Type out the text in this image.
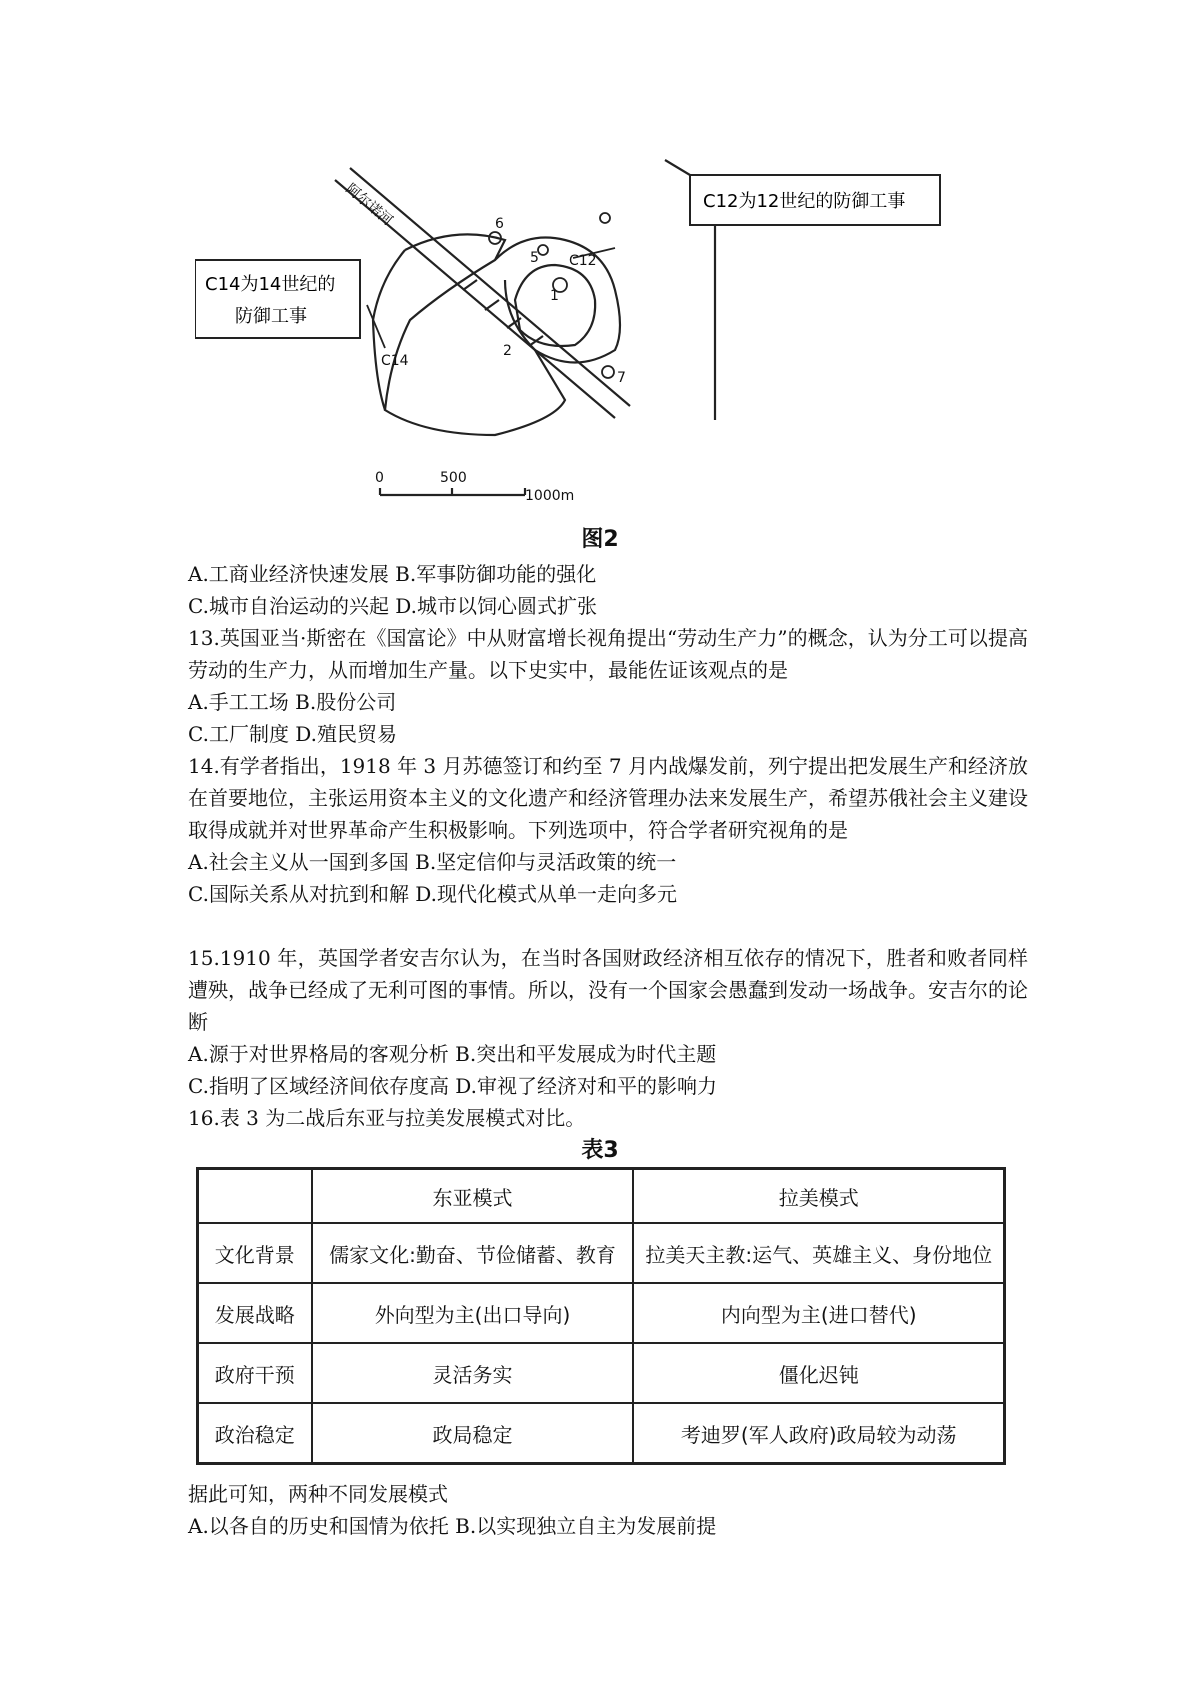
阿尔诺河
C12
C14
1
2
5
6
7
0	500
1000m
C12为12世纪的防御工事
C14为14世纪的
防御工事
图2
A.工商业经济快速发展 B.军事防御功能的强化
C.城市自治运动的兴起 D.城市以饲心圆式扩张
13.英国亚当·斯密在《国富论》中从财富增长视角提出“劳动生产力”的概念，认为分工可以提高劳动的生产力，从而增加生产量。以下史实中，最能佐证该观点的是
A.手工工场 B.股份公司
C.工厂制度 D.殖民贸易
14.有学者指出，1918 年 3 月苏德签订和约至 7 月内战爆发前，列宁提出把发展生产和经济放在首要地位，主张运用资本主义的文化遗产和经济管理办法来发展生产，希望苏俄社会主义建设取得成就并对世界革命产生积极影响。下列选项中，符合学者研究视角的是
A.社会主义从一国到多国 B.坚定信仰与灵活政策的统一
C.国际关系从对抗到和解 D.现代化模式从单一走向多元
15.1910 年，英国学者安吉尔认为，在当时各国财政经济相互依存的情况下，胜者和败者同样遭殃，战争已经成了无利可图的事情。所以，没有一个国家会愚蠢到发动一场战争。安吉尔的论断
A.源于对世界格局的客观分析 B.突出和平发展成为时代主题
C.指明了区域经济间依存度高 D.审视了经济对和平的影响力
16.表 3 为二战后东亚与拉美发展模式对比。
表3
	东亚模式	拉美模式
文化背景	儒家文化:勤奋、节俭储蓄、教育	拉美天主教:运气、英雄主义、身份地位
发展战略	外向型为主(出口导向)	内向型为主(进口替代)
政府干预	灵活务实	僵化迟钝
政治稳定	政局稳定	考迪罗(军人政府)政局较为动荡
据此可知，两种不同发展模式
A.以各自的历史和国情为依托 B.以实现独立自主为发展前提
